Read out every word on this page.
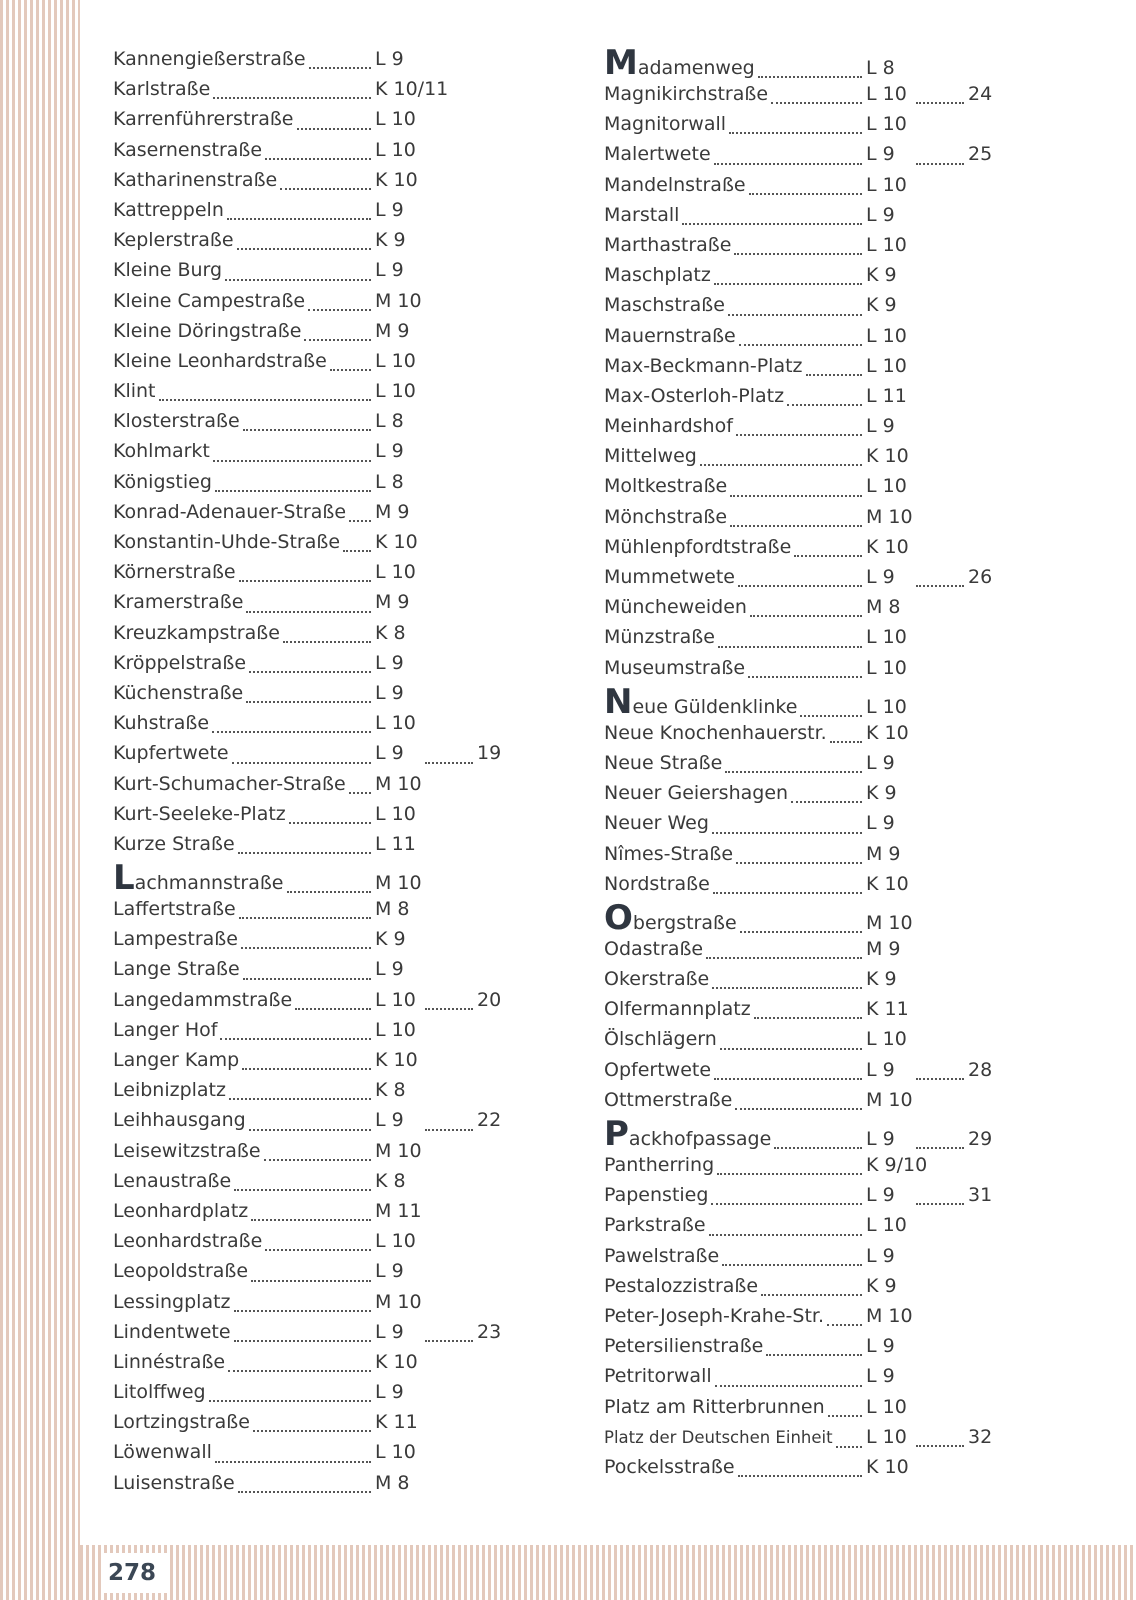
278
Kannengießerstraße	L 9
Karlstraße	K 10/11
Karrenführerstraße	L 10
Kasernenstraße	L 10
Katharinenstraße	K 10
Kattreppeln	L 9
Keplerstraße	K 9
Kleine Burg	L 9
Kleine Campestraße	M 10
Kleine Döringstraße	M 9
Kleine Leonhardstraße	L 10
Klint	L 10
Klosterstraße	L 8
Kohlmarkt	L 9
Königstieg	L 8
Konrad-Adenauer-Straße M 9
Konstantin-Uhde-Straße K 10
Körnerstraße	L 10
Kramerstraße	M 9
Kreuzkampstraße	K 8
Kröppelstraße	L 9
Küchenstraße	L 9
Kuhstraße	L 10
Kupfertwete	L 9	19
Kurt-Schumacher-Straße M 10
Kurt-Seeleke-Platz	L 10
Kurze Straße	L 11
L achmannstraße	M 10
Laffertstraße	M 8
Lampestraße	K 9
Lange Straße	L 9
Langedammstraße	L 10	20
Langer Hof	L 10
Langer Kamp	K 10
Leibnizplatz	K 8
Leihhausgang	L 9	22
Leisewitzstraße	M 10
Lenaustraße	K 8
Leonhardplatz	M 11
Leonhardstraße	L 10
Leopoldstraße	L 9
Lessingplatz	M 10
Lindentwete	L 9	23
Linnéstraße	K 10
Litolffweg	L 9
Lortzingstraße	K 11
Löwenwall	L 10
Luisenstraße	M 8
M adamenweg	L 8
Magnikirchstraße	L 10	24
Magnitorwall	L 10
Malertwete	L 9	25
Mandelnstraße	L 10
Marstall	L 9
Marthastraße	L 10
Maschplatz	K 9
Maschstraße	K 9
Mauernstraße	L 10
Max-Beckmann-Platz	L 10
Max-Osterloh-Platz	L 11
Meinhardshof	L 9
Mittelweg	K 10
Moltkestraße	L 10
Mönchstraße	M 10
Mühlenpfordtstraße	K 10
Mummetwete	L 9	26
Müncheweiden	M 8
Münzstraße	L 10
Museumstraße	L 10
N eue Güldenklinke	L 10
Neue Knochenhauerstr. K 10
Neue Straße	L 9
Neuer Geiershagen	K 9
Neuer Weg	L 9
Nîmes-Straße	M 9
Nordstraße	K 10
O bergstraße	M 10
Odastraße	M 9
Okerstraße	K 9
Olfermannplatz	K 11
Ölschlägern	L 10
Opfertwete	L 9	28
Ottmerstraße	M 10
P ackhofpassage	L 9	29
Pantherring	K 9/10
Papenstieg	L 9	31
Parkstraße	L 10
Pawelstraße	L 9
Pestalozzistraße	K 9
Peter-Joseph-Krahe-Str. M 10
Petersilienstraße	L 9
Petritorwall	L 9
Platz am Ritterbrunnen L 10
Platz der Deutschen Einheit L 10	32
Pockelsstraße	K 10
